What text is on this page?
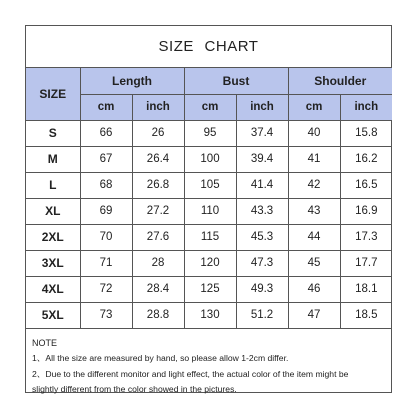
SIZE CHART
SIZE	Length		Bust		Shoulder	
	cm	inch	cm	inch	cm	inch
S	66	26	95	37.4	40	15.8
M	67	26.4	100	39.4	41	16.2
L	68	26.8	105	41.4	42	16.5
XL	69	27.2	110	43.3	43	16.9
2XL	70	27.6	115	45.3	44	17.3
3XL	71	28	120	47.3	45	17.7
4XL	72	28.4	125	49.3	46	18.1
5XL	73	28.8	130	51.2	47	18.5
NOTE
1、All the size are measured by hand, so please allow 1-2cm differ.
2、Due to the different monitor and light effect, the actual color of the item might be
slightly different from the color showed in the pictures.
